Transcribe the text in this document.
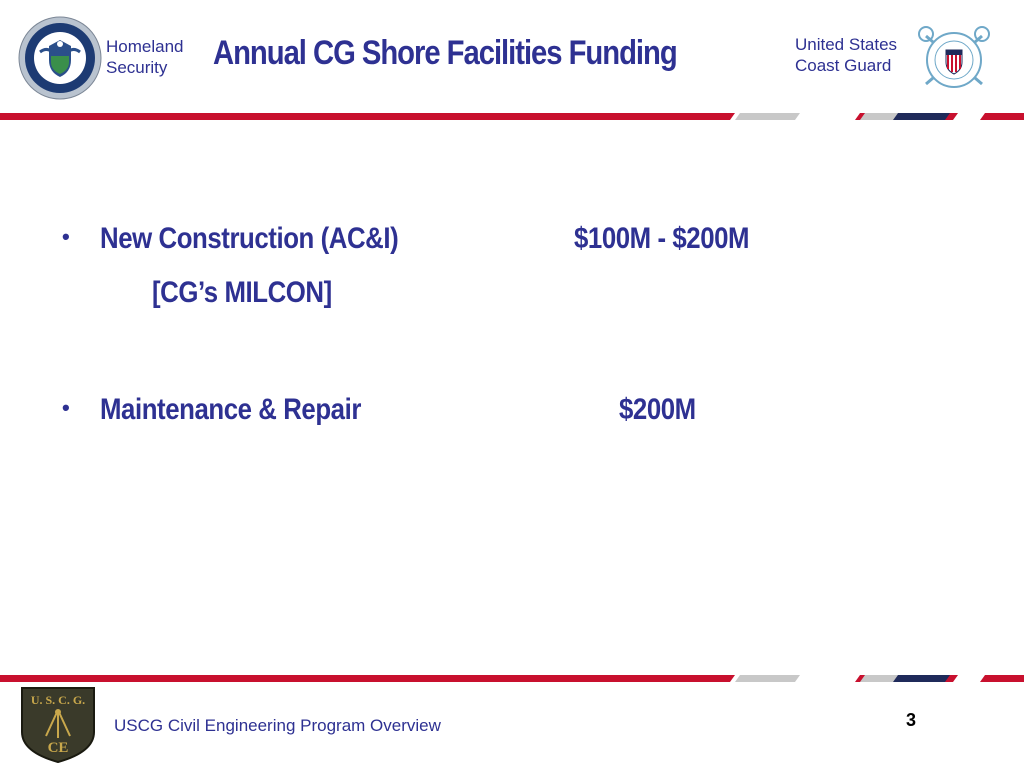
Homeland
Security	Annual CG Shore Facilities Funding	United States
Coast Guard
• New Construction (AC&I)	$100M - $200M
[CG’s MILCON]
• Maintenance & Repair	$200M
U. S. C. G.
CE
USCG Civil Engineering Program Overview	3
